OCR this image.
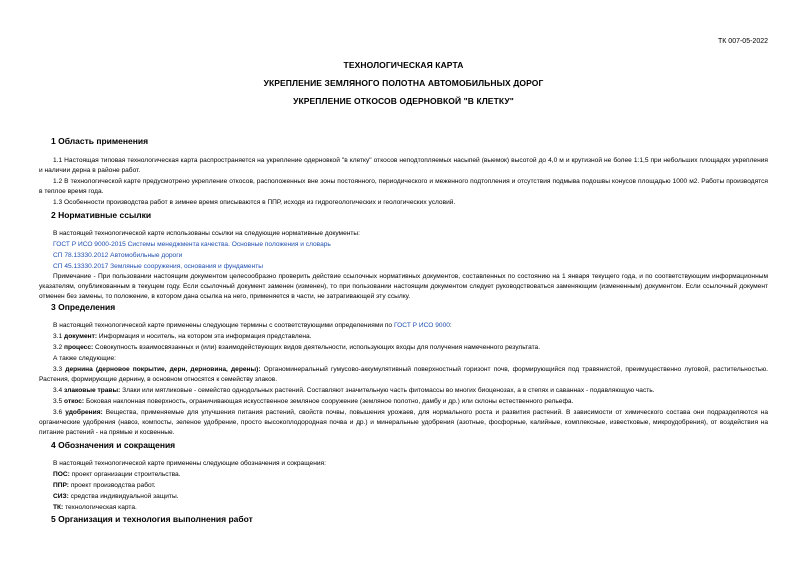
ТК 007-05-2022
ТЕХНОЛОГИЧЕСКАЯ КАРТА
УКРЕПЛЕНИЕ ЗЕМЛЯНОГО ПОЛОТНА АВТОМОБИЛЬНЫХ ДОРОГ
УКРЕПЛЕНИЕ ОТКОСОВ ОДЕРНОВКОЙ "В КЛЕТКУ"
1 Область применения
1.1 Настоящая типовая технологическая карта распространяется на укрепление одерновкой "в клетку" откосов неподтопляемых насыпей (выемок) высотой до 4,0 м и крутизной не более 1:1,5 при небольших площадях укрепления и наличии дерна в районе работ.
1.2 В технологической карте предусмотрено укрепление откосов, расположенных вне зоны постоянного, периодического и меженного подтопления и отсутствия подмыва подошвы конусов площадью 1000 м2. Работы производятся в теплое время года.
1.3 Особенности производства работ в зимнее время описываются в ППР, исходя из гидрогеологических и геологических условий.
2 Нормативные ссылки
В настоящей технологической карте использованы ссылки на следующие нормативные документы:
ГОСТ Р ИСО 9000-2015 Системы менеджмента качества. Основные положения и словарь
СП 78.13330.2012 Автомобильные дороги
СП 45.13330.2017 Земляные сооружения, основания и фундаменты
Примечание - При пользовании настоящим документом целесообразно проверить действие ссылочных нормативных документов, составленных по состоянию на 1 января текущего года, и по соответствующим информационным указателям, опубликованным в текущем году. Если ссылочный документ заменен (изменен), то при пользовании настоящим документом следует руководствоваться заменяющим (измененным) документом. Если ссылочный документ отменен без замены, то положение, в котором дана ссылка на него, применяется в части, не затрагивающей эту ссылку.
3 Определения
В настоящей технологической карте применены следующие термины с соответствующими определениями по ГОСТ Р ИСО 9000:
3.1 документ: Информация и носитель, на котором эта информация представлена.
3.2 процесс: Совокупность взаимосвязанных и (или) взаимодействующих видов деятельности, использующих входы для получения намеченного результата.
А также следующие:
3.3 дернина (дерновое покрытие, дерн, дерновина, дерены): Органоминеральный гумусово-аккумулятивный поверхностный горизонт почв, формирующийся под травянистой, преимущественно луговой, растительностью. Растения, формирующие дернину, в основном относятся к семейству злаков.
3.4 злаковые травы: Злаки или мятликовые - семейство однодольных растений. Составляют значительную часть фитомассы во многих биоценозах, а в степях и саваннах - подавляющую часть.
3.5 откос: Боковая наклонная поверхность, ограничивающая искусственное земляное сооружение (земляное полотно, дамбу и др.) или склоны естественного рельефа.
3.6 удобрения: Вещества, применяемые для улучшения питания растений, свойств почвы, повышения урожаев, для нормального роста и развития растений. В зависимости от химического состава они подразделяются на органические удобрения (навоз, компосты, зеленое удобрение, просто высокоплодородная почва и др.) и минеральные удобрения (азотные, фосфорные, калийные, комплексные, известковые, микроудобрения), от воздействия на питание растений - на прямые и косвенные.
4 Обозначения и сокращения
В настоящей технологической карте применены следующие обозначения и сокращения:
ПОС: проект организации строительства.
ППР: проект производства работ.
СИЗ: средства индивидуальной защиты.
ТК: технологическая карта.
5 Организация и технология выполнения работ
